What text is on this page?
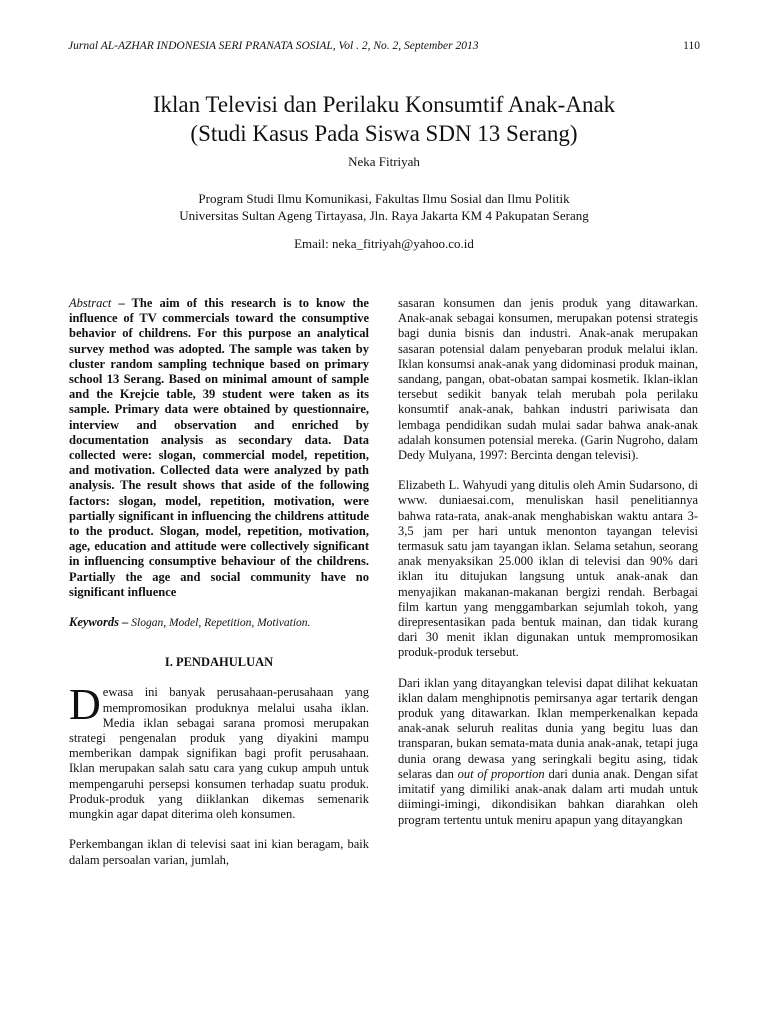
Jurnal AL-AZHAR INDONESIA SERI PRANATA SOSIAL, Vol . 2, No. 2, September 2013	110
Iklan Televisi dan Perilaku Konsumtif Anak-Anak
(Studi Kasus Pada Siswa SDN 13 Serang)
Neka Fitriyah
Program Studi Ilmu Komunikasi, Fakultas Ilmu Sosial dan Ilmu Politik
Universitas Sultan Ageng Tirtayasa, Jln. Raya Jakarta KM 4 Pakupatan Serang
Email: neka_fitriyah@yahoo.co.id

Abstract – The aim of this research is to know the influence of TV commercials toward the consumptive behavior of childrens. For this purpose an analytical survey method was adopted. The sample was taken by cluster random sampling technique based on primary school 13 Serang. Based on minimal amount of sample and the Krejcie table, 39 student were taken as its sample. Primary data were obtained by questionnaire, interview and observation and enriched by documentation analysis as secondary data. Data collected were: slogan, commercial model, repetition, and motivation. Collected data were analyzed by path analysis. The result shows that aside of the following factors: slogan, model, repetition, motivation, were partially significant in influencing the childrens attitude to the product. Slogan, model, repetition, motivation, age, education and attitude were collectively significant in influencing consumptive behaviour of the childrens. Partially the age and social community have no significant influence

Keywords – Slogan, Model, Repetition, Motivation.

I. PENDAHULUAN

Dewasa ini banyak perusahaan-perusahaan yang mempromosikan produknya melalui usaha iklan. Media iklan sebagai sarana promosi merupakan strategi pengenalan produk yang diyakini mampu memberikan dampak signifikan bagi profit perusahaan. Iklan merupakan salah satu cara yang cukup ampuh untuk mempengaruhi persepsi konsumen terhadap suatu produk. Produk-produk yang diiklankan dikemas semenarik mungkin agar dapat diterima oleh konsumen.

Perkembangan iklan di televisi saat ini kian beragam, baik dalam persoalan varian, jumlah,

sasaran konsumen dan jenis produk yang ditawarkan. Anak-anak sebagai konsumen, merupakan potensi strategis bagi dunia bisnis dan industri. Anak-anak merupakan sasaran potensial dalam penyebaran produk melalui iklan. Iklan konsumsi anak-anak yang didominasi produk mainan, sandang, pangan, obat-obatan sampai kosmetik. Iklan-iklan tersebut sedikit banyak telah merubah pola perilaku konsumtif anak-anak, bahkan industri pariwisata dan lembaga pendidikan sudah mulai sadar bahwa anak-anak adalah konsumen potensial mereka. (Garin Nugroho, dalam Dedy Mulyana, 1997: Bercinta dengan televisi).

Elizabeth L. Wahyudi yang ditulis oleh Amin Sudarsono, di www. duniaesai.com, menuliskan hasil penelitiannya bahwa rata-rata, anak-anak menghabiskan waktu antara 3-3,5 jam per hari untuk menonton tayangan televisi termasuk satu jam tayangan iklan. Selama setahun, seorang anak menyaksikan 25.000 iklan di televisi dan 90% dari iklan itu ditujukan langsung untuk anak-anak dan menyajikan makanan-makanan bergizi rendah. Berbagai film kartun yang menggambarkan sejumlah tokoh, yang direpresentasikan pada bentuk mainan, dan tidak kurang dari 30 menit iklan digunakan untuk mempromosikan produk-produk tersebut.

Dari iklan yang ditayangkan televisi dapat dilihat kekuatan iklan dalam menghipnotis pemirsanya agar tertarik dengan produk yang ditawarkan. Iklan memperkenalkan kepada anak-anak seluruh realitas dunia yang begitu luas dan transparan, bukan semata-mata dunia anak-anak, tetapi juga dunia orang dewasa yang seringkali begitu asing, tidak selaras dan out of proportion dari dunia anak. Dengan sifat imitatif yang dimiliki anak-anak dalam arti mudah untuk diimingi-imingi, dikondisikan bahkan diarahkan oleh program tertentu untuk meniru apapun yang ditayangkan
